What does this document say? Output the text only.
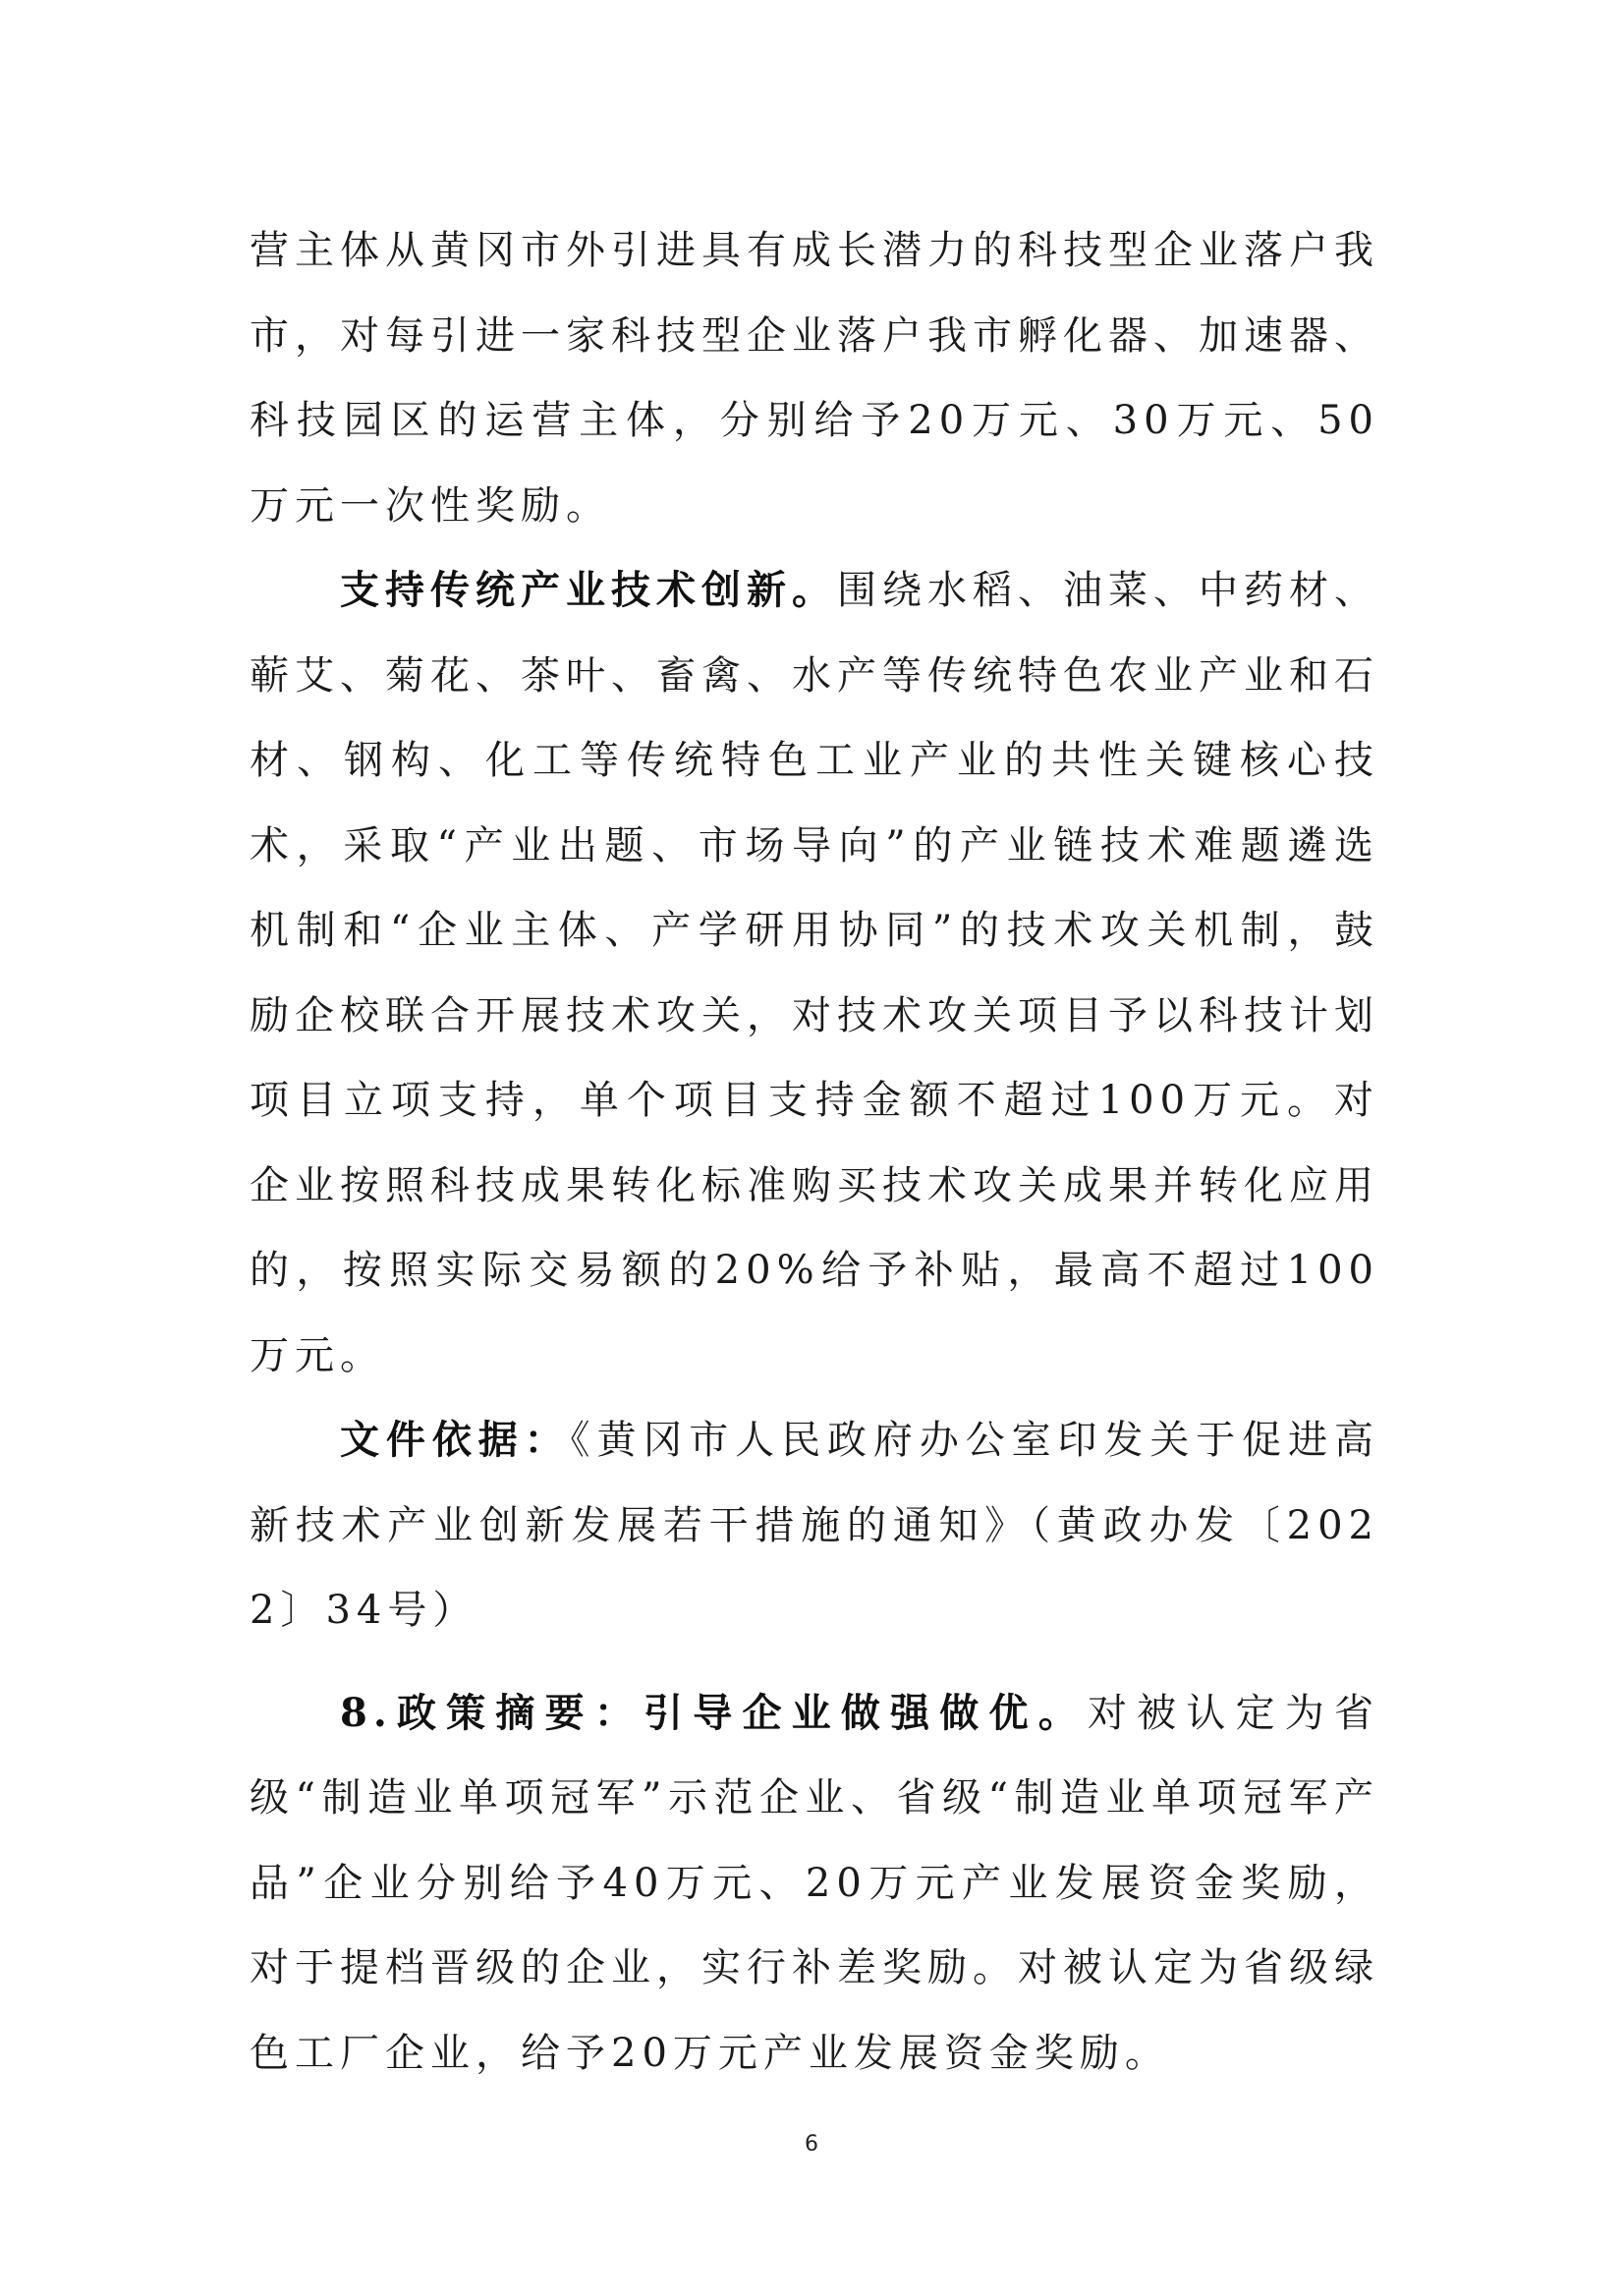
营主体从黄冈市外引进具有成长潜力的科技型企业落户我市，对每引进一家科技型企业落户我市孵化器、加速器、科技园区的运营主体，分别给予20万元、30万元、50万元一次性奖励。

支持传统产业技术创新。围绕水稻、油菜、中药材、蕲艾、菊花、茶叶、畜禽、水产等传统特色农业产业和石材、钢构、化工等传统特色工业产业的共性关键核心技术，采取“产业出题、市场导向”的产业链技术难题遴选机制和“企业主体、产学研用协同”的技术攻关机制，鼓励企校联合开展技术攻关，对技术攻关项目予以科技计划项目立项支持，单个项目支持金额不超过100万元。对企业按照科技成果转化标准购买技术攻关成果并转化应用的，按照实际交易额的20%给予补贴，最高不超过100万元。

文件依据：《黄冈市人民政府办公室印发关于促进高新技术产业创新发展若干措施的通知》（黄政办发〔2022〕34号）

8.政策摘要：引导企业做强做优。对被认定为省级“制造业单项冠军”示范企业、省级“制造业单项冠军产品”企业分别给予40万元、20万元产业发展资金奖励，对于提档晋级的企业，实行补差奖励。对被认定为省级绿色工厂企业，给予20万元产业发展资金奖励。

6
